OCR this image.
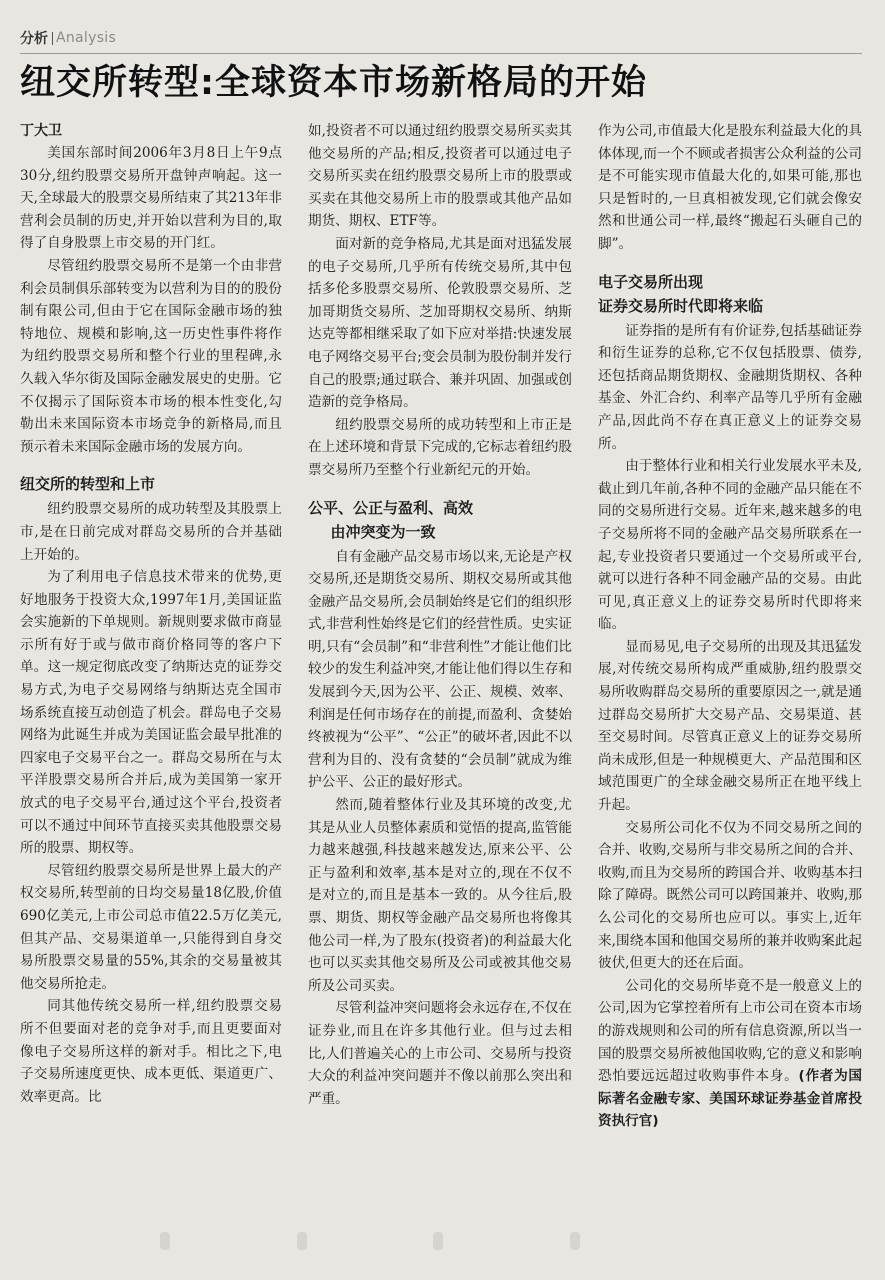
分析 Analysis
纽交所转型:全球资本市场新格局的开始
丁大卫

美国东部时间2006年3月8日上午9点30分,纽约股票交易所开盘钟声响起。这一天,全球最大的股票交易所结束了其213年非营利会员制的历史,并开始以营利为目的,取得了自身股票上市交易的开门红。

尽管纽约股票交易所不是第一个由非营利会员制俱乐部转变为以营利为目的的股份制有限公司,但由于它在国际金融市场的独特地位、规模和影响,这一历史性事件将作为纽约股票交易所和整个行业的里程碑,永久载入华尔街及国际金融发展史的史册。它不仅揭示了国际资本市场的根本性变化,勾勒出未来国际资本市场竞争的新格局,而且预示着未来国际金融市场的发展方向。

纽交所的转型和上市

纽约股票交易所的成功转型及其股票上市,是在日前完成对群岛交易所的合并基础上开始的。

为了利用电子信息技术带来的优势,更好地服务于投资大众,1997年1月,美国证监会实施新的下单规则。新规则要求做市商显示所有好于或与做市商价格同等的客户下单。这一规定彻底改变了纳斯达克的证券交易方式,为电子交易网络与纳斯达克全国市场系统直接互动创造了机会。群岛电子交易网络为此诞生并成为美国证监会最早批准的四家电子交易平台之一。群岛交易所在与太平洋股票交易所合并后,成为美国第一家开放式的电子交易平台,通过这个平台,投资者可以不通过中间环节直接买卖其他股票交易所的股票、期权等。

尽管纽约股票交易所是世界上最大的产权交易所,转型前的日均交易量18亿股,价值690亿美元,上市公司总市值22.5万亿美元,但其产品、交易渠道单一,只能得到自身交易所股票交易量的55%,其余的交易量被其他交易所抢走。

同其他传统交易所一样,纽约股票交易所不但要面对老的竞争对手,而且更要面对像电子交易所这样的新对手。相比之下,电子交易所速度更快、成本更低、渠道更广、效率更高。比

如,投资者不可以通过纽约股票交易所买卖其他交易所的产品;相反,投资者可以通过电子交易所买卖在纽约股票交易所上市的股票或买卖在其他交易所上市的股票或其他产品如期货、期权、ETF等。

面对新的竞争格局,尤其是面对迅猛发展的电子交易所,几乎所有传统交易所,其中包括多伦多股票交易所、伦敦股票交易所、芝加哥期货交易所、芝加哥期权交易所、纳斯达克等都相继采取了如下应对举措:快速发展电子网络交易平台;变会员制为股份制并发行自己的股票;通过联合、兼并巩固、加强或创造新的竞争格局。

纽约股票交易所的成功转型和上市正是在上述环境和背景下完成的,它标志着纽约股票交易所乃至整个行业新纪元的开始。

公平、公正与盈利、高效
由冲突变为一致

自有金融产品交易市场以来,无论是产权交易所,还是期货交易所、期权交易所或其他金融产品交易所,会员制始终是它们的组织形式,非营利性始终是它们的经营性质。史实证明,只有“会员制”和“非营利性”才能让他们比较少的发生利益冲突,才能让他们得以生存和发展到今天,因为公平、公正、规模、效率、利润是任何市场存在的前提,而盈利、贪婪始终被视为“公平”、“公正”的破坏者,因此不以营利为目的、没有贪婪的“会员制”就成为维护公平、公正的最好形式。

然而,随着整体行业及其环境的改变,尤其是从业人员整体素质和觉悟的提高,监管能力越来越强,科技越来越发达,原来公平、公正与盈利和效率,基本是对立的,现在不仅不是对立的,而且是基本一致的。从今往后,股票、期货、期权等金融产品交易所也将像其他公司一样,为了股东(投资者)的利益最大化也可以买卖其他交易所及公司或被其他交易所及公司买卖。

尽管利益冲突问题将会永远存在,不仅在证券业,而且在许多其他行业。但与过去相比,人们普遍关心的上市公司、交易所与投资大众的利益冲突问题并不像以前那么突出和严重。

作为公司,市值最大化是股东利益最大化的具体体现,而一个不顾或者损害公众利益的公司是不可能实现市值最大化的,如果可能,那也只是暂时的,一旦真相被发现,它们就会像安然和世通公司一样,最终“搬起石头砸自己的脚”。

电子交易所出现
证券交易所时代即将来临

证券指的是所有有价证券,包括基础证券和衍生证券的总称,它不仅包括股票、债券,还包括商品期货期权、金融期货期权、各种基金、外汇合约、利率产品等几乎所有金融产品,因此尚不存在真正意义上的证券交易所。

由于整体行业和相关行业发展水平未及,截止到几年前,各种不同的金融产品只能在不同的交易所进行交易。近年来,越来越多的电子交易所将不同的金融产品交易所联系在一起,专业投资者只要通过一个交易所或平台,就可以进行各种不同金融产品的交易。由此可见,真正意义上的证券交易所时代即将来临。

显而易见,电子交易所的出现及其迅猛发展,对传统交易所构成严重威胁,纽约股票交易所收购群岛交易所的重要原因之一,就是通过群岛交易所扩大交易产品、交易渠道、甚至交易时间。尽管真正意义上的证券交易所尚未成形,但是一种规模更大、产品范围和区域范围更广的全球金融交易所正在地平线上升起。

交易所公司化不仅为不同交易所之间的合并、收购,交易所与非交易所之间的合并、收购,而且为交易所的跨国合并、收购基本扫除了障碍。既然公司可以跨国兼并、收购,那么公司化的交易所也应可以。事实上,近年来,围绕本国和他国交易所的兼并收购案此起彼伏,但更大的还在后面。

公司化的交易所毕竟不是一般意义上的公司,因为它掌控着所有上市公司在资本市场的游戏规则和公司的所有信息资源,所以当一国的股票交易所被他国收购,它的意义和影响恐怕要远远超过收购事件本身。(作者为国际著名金融专家、美国环球证券基金首席投资执行官)
